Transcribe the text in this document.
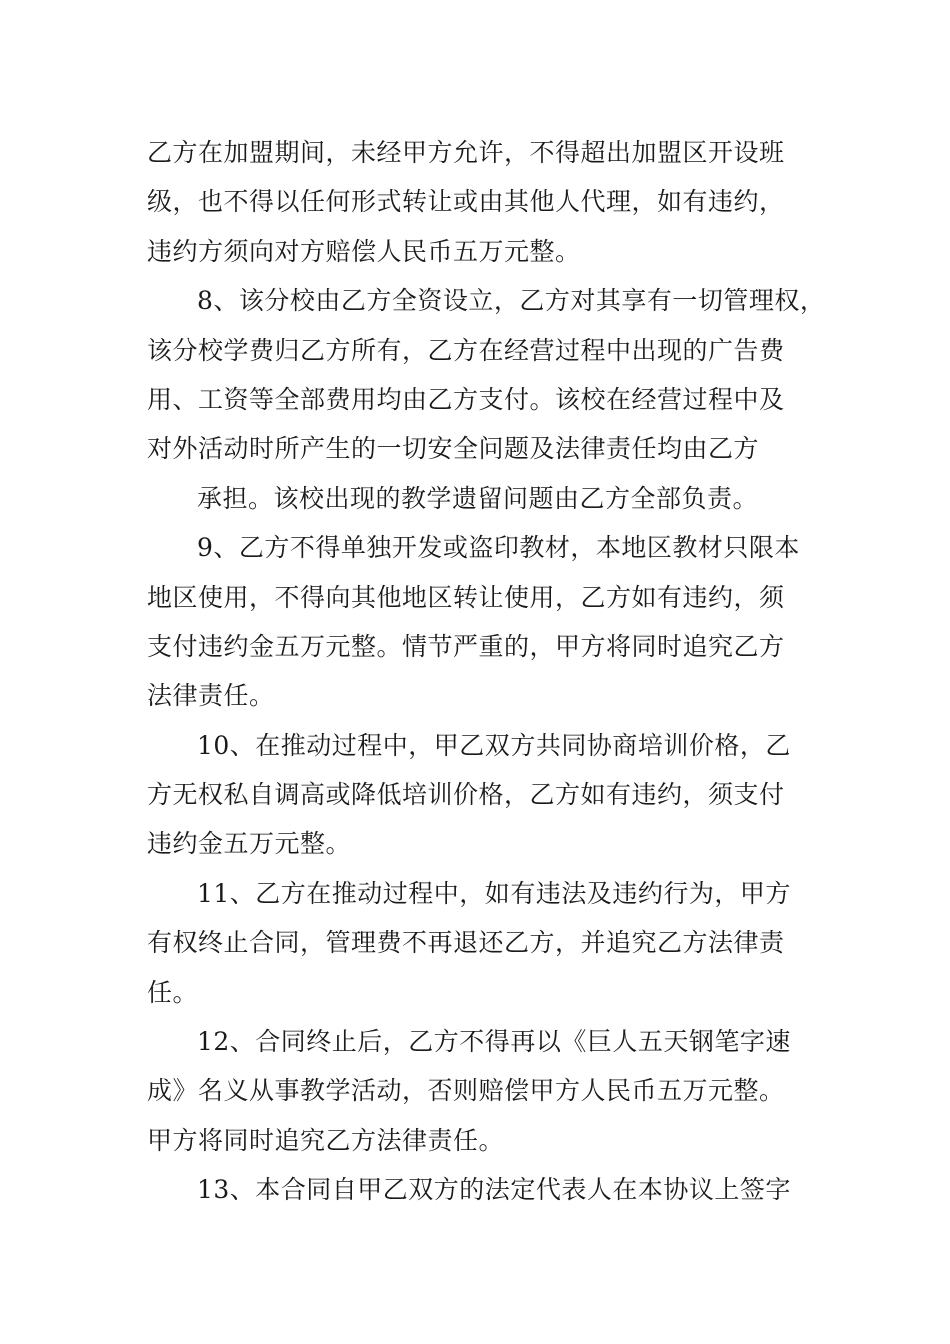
乙方在加盟期间，未经甲方允许，不得超出加盟区开设班
级，也不得以任何形式转让或由其他人代理，如有违约，
违约方须向对方赔偿人民币五万元整。
8、该分校由乙方全资设立，乙方对其享有一切管理权，
该分校学费归乙方所有，乙方在经营过程中出现的广告费
用、工资等全部费用均由乙方支付。该校在经营过程中及
对外活动时所产生的一切安全问题及法律责任均由乙方
承担。该校出现的教学遗留问题由乙方全部负责。
9、乙方不得单独开发或盗印教材，本地区教材只限本
地区使用，不得向其他地区转让使用，乙方如有违约，须
支付违约金五万元整。情节严重的，甲方将同时追究乙方
法律责任。
10、在推动过程中，甲乙双方共同协商培训价格，乙
方无权私自调高或降低培训价格，乙方如有违约，须支付
违约金五万元整。
11、乙方在推动过程中，如有违法及违约行为，甲方
有权终止合同，管理费不再退还乙方，并追究乙方法律责
任。
12、合同终止后，乙方不得再以《巨人五天钢笔字速
成》名义从事教学活动，否则赔偿甲方人民币五万元整。
甲方将同时追究乙方法律责任。
13、本合同自甲乙双方的法定代表人在本协议上签字
